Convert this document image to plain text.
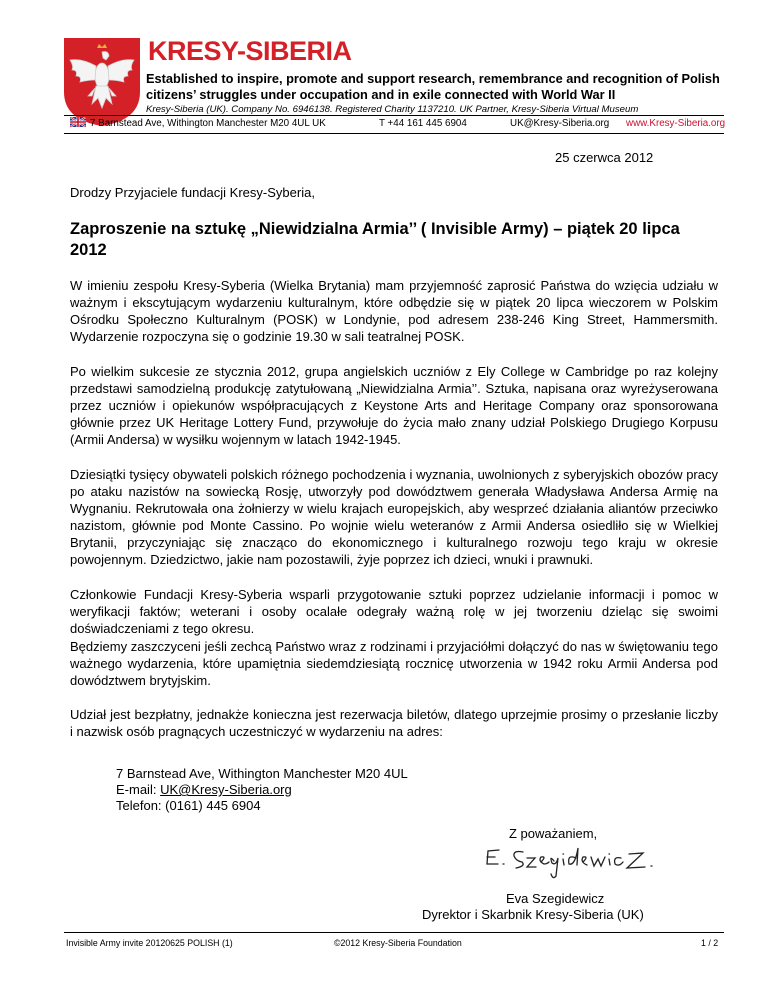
KRESY-SIBERIA
Established to inspire, promote and support research, remembrance and recognition of Polish citizens’ struggles under occupation and in exile connected with World War II
Kresy-Siberia (UK). Company No. 6946138. Registered Charity 1137210. UK Partner, Kresy-Siberia Virtual Museum
7 Barnstead Ave, Withington Manchester M20 4UL UK	T +44 161 445 6904	UK@Kresy-Siberia.org www.Kresy-Siberia.org
25 czerwca 2012

Drodzy Przyjaciele fundacji Kresy-Syberia,

Zaproszenie na sztukę „Niewidzialna Armia’’ ( Invisible Army) – piątek 20 lipca 2012

W imieniu zespołu Kresy-Syberia (Wielka Brytania) mam przyjemność zaprosić Państwa do wzięcia udziału w ważnym i ekscytującym wydarzeniu kulturalnym, które odbędzie się w piątek 20 lipca wieczorem w Polskim Ośrodku Społeczno Kulturalnym (POSK) w Londynie, pod adresem 238-246 King Street, Hammersmith. Wydarzenie rozpoczyna się o godzinie 19.30 w sali teatralnej POSK.

Po wielkim sukcesie ze stycznia 2012, grupa angielskich uczniów z Ely College w Cambridge po raz kolejny przedstawi samodzielną produkcję zatytułowaną „Niewidzialna Armia’’. Sztuka, napisana oraz wyreżyserowana przez uczniów i opiekunów współpracujących z Keystone Arts and Heritage Company oraz sponsorowana głównie przez UK Heritage Lottery Fund, przywołuje do życia mało znany udział Polskiego Drugiego Korpusu (Armii Andersa) w wysiłku wojennym w latach 1942-1945.

Dziesiątki tysięcy obywateli polskich różnego pochodzenia i wyznania, uwolnionych z syberyjskich obozów pracy po ataku nazistów na sowiecką Rosję, utworzyły pod dowództwem generała Władysława Andersa Armię na Wygnaniu. Rekrutowała ona żołnierzy w wielu krajach europejskich, aby wesprzeć działania aliantów przeciwko nazistom, głównie pod Monte Cassino. Po wojnie wielu weteranów z Armii Andersa osiedliło się w Wielkiej Brytanii, przyczyniając się znacząco do ekonomicznego i kulturalnego rozwoju tego kraju w okresie powojennym. Dziedzictwo, jakie nam pozostawili, żyje poprzez ich dzieci, wnuki i prawnuki.

Członkowie Fundacji Kresy-Syberia wsparli przygotowanie sztuki poprzez udzielanie informacji i pomoc w weryfikacji faktów; weterani i osoby ocalałe odegrały ważną rolę w jej tworzeniu dzieląc się swoimi doświadczeniami z tego okresu.

Będziemy zaszczyceni jeśli zechcą Państwo wraz z rodzinami i przyjaciółmi dołączyć do nas w świętowaniu tego ważnego wydarzenia, które upamiętnia siedemdziesiątą rocznicę utworzenia w 1942 roku Armii Andersa pod dowództwem brytyjskim.

Udział jest bezpłatny, jednakże konieczna jest rezerwacja biletów, dlatego uprzejmie prosimy o przesłanie liczby i nazwisk osób pragnących uczestniczyć w wydarzeniu na adres:

7 Barnstead Ave, Withington Manchester M20 4UL
E-mail: UK@Kresy-Siberia.org
Telefon: (0161) 445 6904
Z poważaniem,
Eva Szegidewicz
Dyrektor i Skarbnik Kresy-Siberia (UK)
Invisible Army invite 20120625 POLISH (1)	©2012 Kresy-Siberia Foundation	1 / 2
